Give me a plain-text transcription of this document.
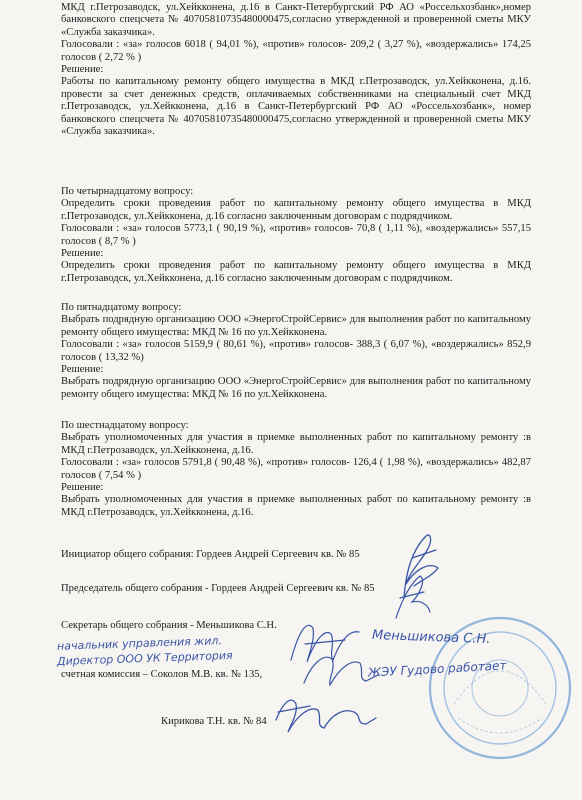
МКД г.Петрозаводск, ул.Хейкконена, д.16 в Санкт-Петербургский РФ АО «Россельхозбанк»,номер банковского спецсчета № 40705810735480000475,согласно утвержденной и проверенной сметы МКУ «Служба заказчика».

Голосовали : «за» голосов 6018 ( 94,01 %), «против» голосов- 209,2 ( 3,27 %), «воздержались» 174,25 голосов ( 2,72 % )

Решение:

Работы по капитальному ремонту общего имущества в МКД г.Петрозаводск, ул.Хейкконена, д.16. провести за счет денежных средств, оплачиваемых собственниками на специальный счет МКД г.Петрозаводск, ул.Хейкконена, д.16 в Санкт-Петербургский РФ АО «Россельхозбанк», номер банковского спецсчета № 40705810735480000475,согласно утвержденной и проверенной сметы МКУ «Служба заказчика».

По четырнадцатому вопросу:

Определить сроки проведения работ по капитальному ремонту общего имущества в МКД г.Петрозаводск, ул.Хейкконена, д.16 согласно заключенным договорам с подрядчиком.

Голосовали : «за» голосов 5773,1 ( 90,19 %), «против» голосов- 70,8 ( 1,11 %), «воздержались» 557,15 голосов ( 8,7 % )

Решение:

Определить сроки проведения работ по капитальному ремонту общего имущества в МКД г.Петрозаводск, ул.Хейкконена, д.16 согласно заключенным договорам с подрядчиком.

По пятнадцатому вопросу:

Выбрать подрядную организацию ООО «ЭнергоСтройСервис» для выполнения работ по капитальному ремонту общего имущества: МКД № 16 по ул.Хейкконена.

Голосовали : «за» голосов 5159,9 ( 80,61 %), «против» голосов- 388,3 ( 6,07 %), «воздержались» 852,9 голосов ( 13,32 %)

Решение:

Выбрать подрядную организацию ООО «ЭнергоСтройСервис» для выполнения работ по капитальному ремонту общего имущества: МКД № 16 по ул.Хейкконена.

По шестнадцатому вопросу:

Выбрать уполномоченных для участия в приемке выполненных работ по капитальному ремонту :в МКД г.Петрозаводск, ул.Хейкконена, д.16.

Голосовали : «за» голосов 5791,8 ( 90,48 %), «против» голосов- 126,4 ( 1,98 %), «воздержались» 482,87 голосов ( 7,54 % )

Решение:

Выбрать уполномоченных для участия в приемке выполненных работ по капитальному ремонту :в МКД г.Петрозаводск, ул.Хейкконена, д.16.

Инициатор общего собрания: Гордеев Андрей Сергеевич кв. № 85
Председатель общего собрания - Гордеев Андрей Сергеевич кв. № 85
Секретарь общего собрания - Меньшикова С.Н.
счетная комиссия – Соколов М.В. кв. № 135,
Кирикова Т.Н. кв. № 84
начальник управления жил.
Директор ООО УК Территория
Меньшикова С.Н.
ЖЭУ Гудово работает
